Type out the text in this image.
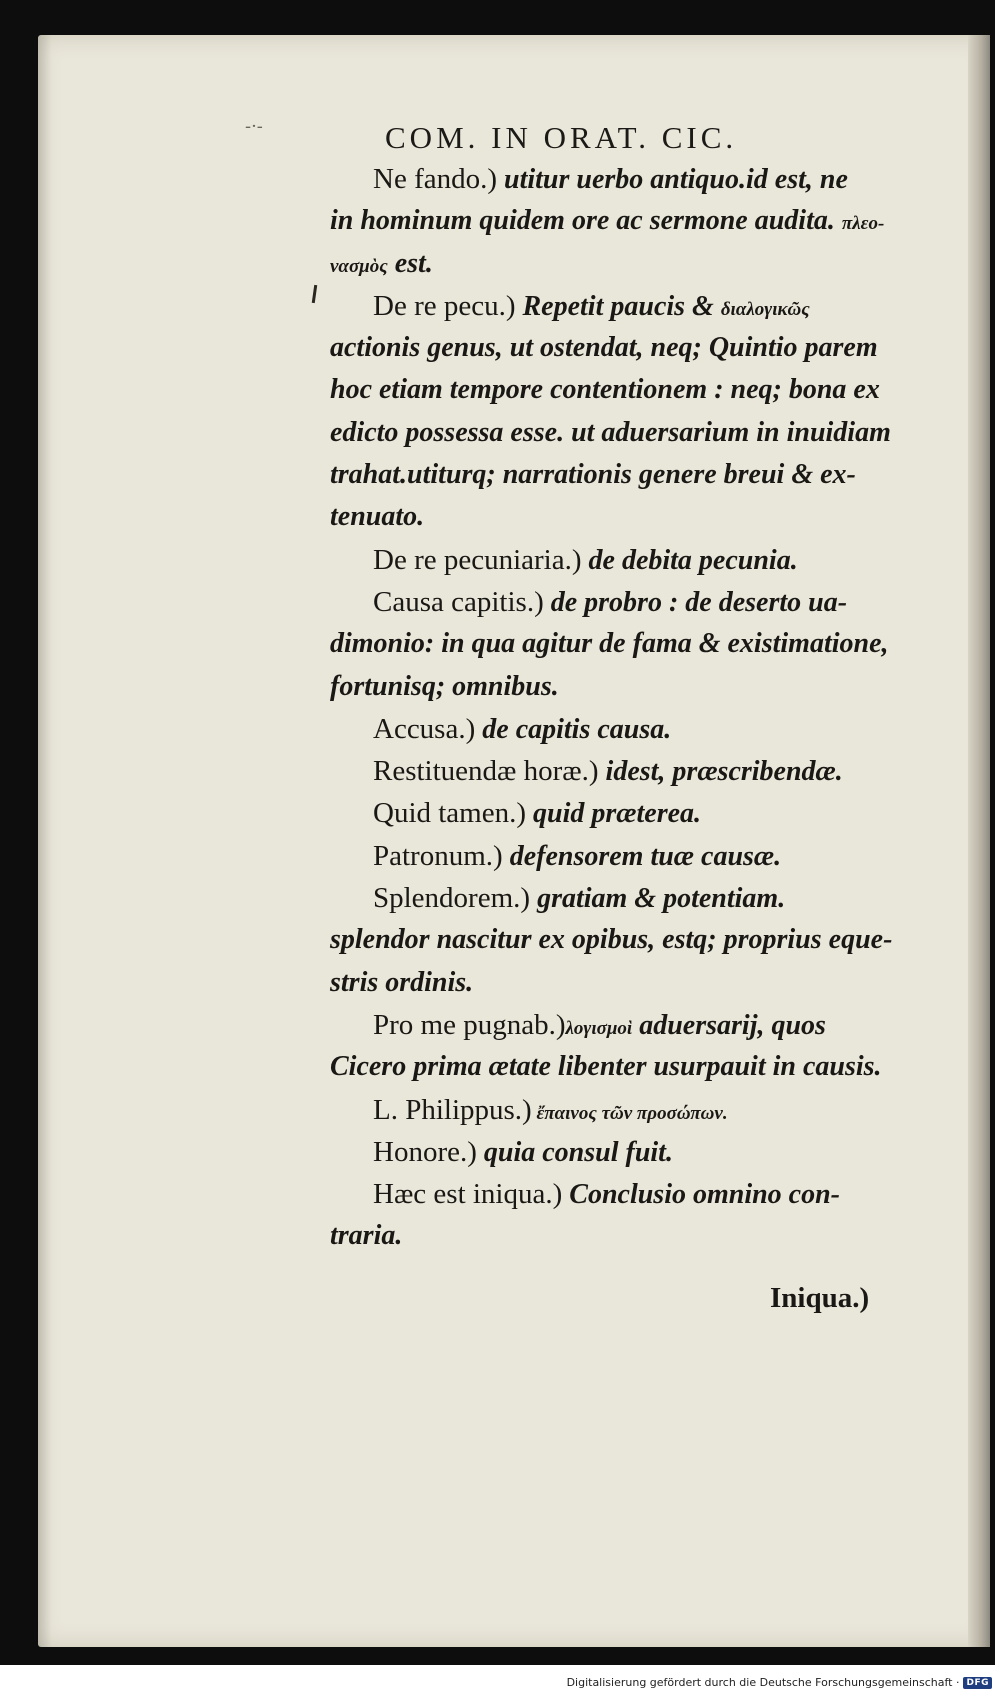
-·-	COM. IN ORAT. CIC.
Ne fando.) utitur uerbo antiquo.id est, ne
in hominum quidem ore ac sermone audita. πλεο-
νασμὸς est.
De re pecu.) Repetit paucis & διαλογικῶς
actionis genus, ut ostendat, neq; Quintio parem
hoc etiam tempore contentionem : neq; bona ex
edicto possessa esse. ut aduersarium in inuidiam
trahat.utiturq; narrationis genere breui & ex-
tenuato.
De re pecuniaria.) de debita pecunia.
Causa capitis.) de probro : de deserto ua-
dimonio: in qua agitur de fama & existimatione,
fortunisq; omnibus.
Accusa.) de capitis causa.
Restituendæ horæ.) idest, præscribendæ.
Quid tamen.) quid præterea.
Patronum.) defensorem tuæ causæ.
Splendorem.) gratiam & potentiam.
splendor nascitur ex opibus, estq; proprius eque-
stris ordinis.
Pro me pugnab.)λογισμοὶ aduersarij, quos
Cicero prima ætate libenter usurpauit in causis.
L. Philippus.) ἔπαινος τῶν προσώπων.
Honore.) quia consul fuit.
Hæc est iniqua.) Conclusio omnino con-
traria.
Iniqua.)
Digitalisierung gefördert durch die Deutsche Forschungsgemeinschaft · DFG
